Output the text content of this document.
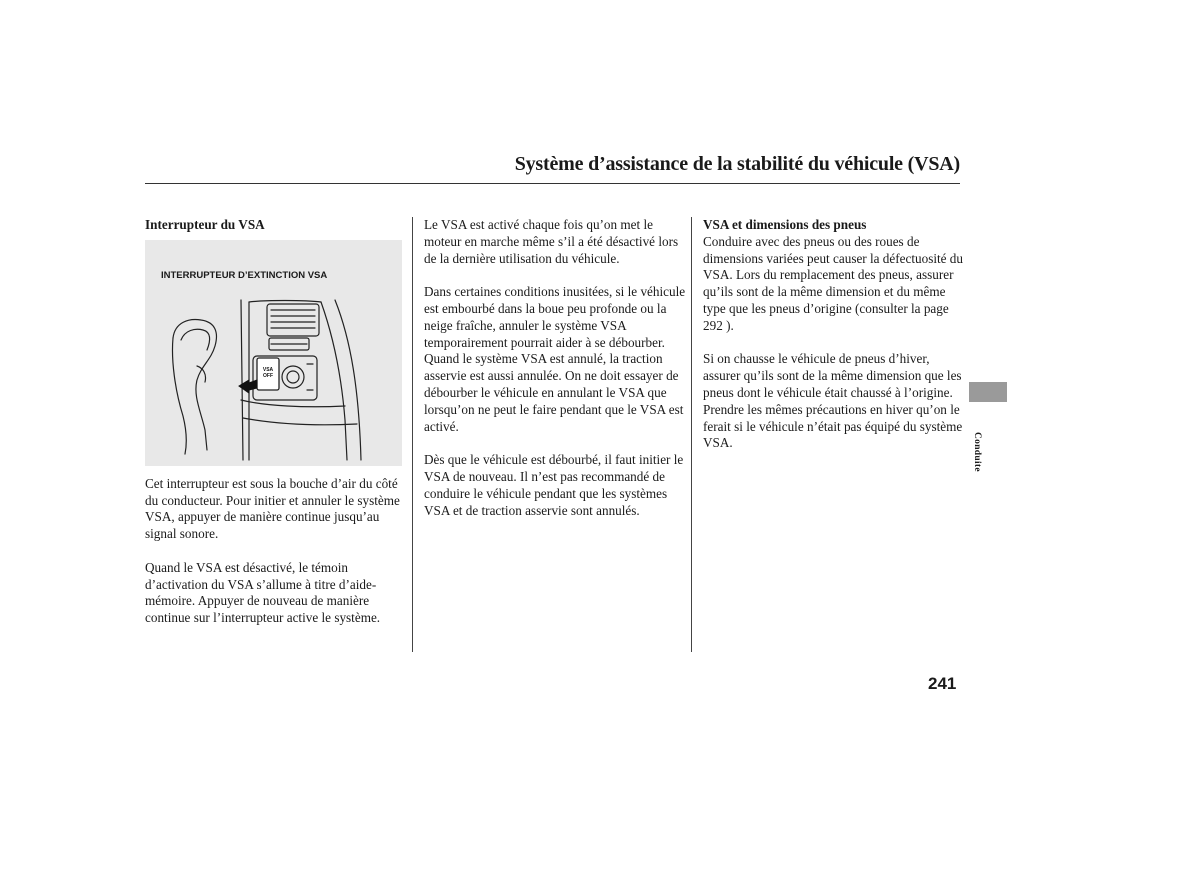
Système d’assistance de la stabilité du véhicule (VSA)
Interrupteur du VSA
VSA
OFF
INTERRUPTEUR D’EXTINCTION VSA

Cet interrupteur est sous la bouche d’air du côté du conducteur. Pour initier et annuler le système VSA, appuyer de manière continue jusqu’au signal sonore.

Quand le VSA est désactivé, le témoin d’activation du VSA s’allume à titre d’aide-mémoire. Appuyer de nouveau de manière continue sur l’interrupteur active le système.

Le VSA est activé chaque fois qu’on met le moteur en marche même s’il a été désactivé lors de la dernière utilisation du véhicule.

Dans certaines conditions inusitées, si le véhicule est embourbé dans la boue peu profonde ou la neige fraîche, annuler le système VSA temporairement pourrait aider à se débourber. Quand le système VSA est annulé, la traction asservie est aussi annulée. On ne doit essayer de débourber le véhicule en annulant le VSA que lorsqu’on ne peut le faire pendant que le VSA est activé.

Dès que le véhicule est débourbé, il faut initier le VSA de nouveau. Il n’est pas recommandé de conduire le véhicule pendant que les systèmes VSA et de traction asservie sont annulés.

VSA et dimensions des pneus

Conduire avec des pneus ou des roues de dimensions variées peut causer la défectuosité du VSA. Lors du remplacement des pneus, assurer qu’ils sont de la même dimension et du même type que les pneus d’origine (consulter la page 292 ).

Si on chausse le véhicule de pneus d’hiver, assurer qu’ils sont de la même dimension que les pneus dont le véhicule était chaussé à l’origine. Prendre les mêmes précautions en hiver qu’on le ferait si le véhicule n’était pas équipé du système VSA.	Conduite
241
